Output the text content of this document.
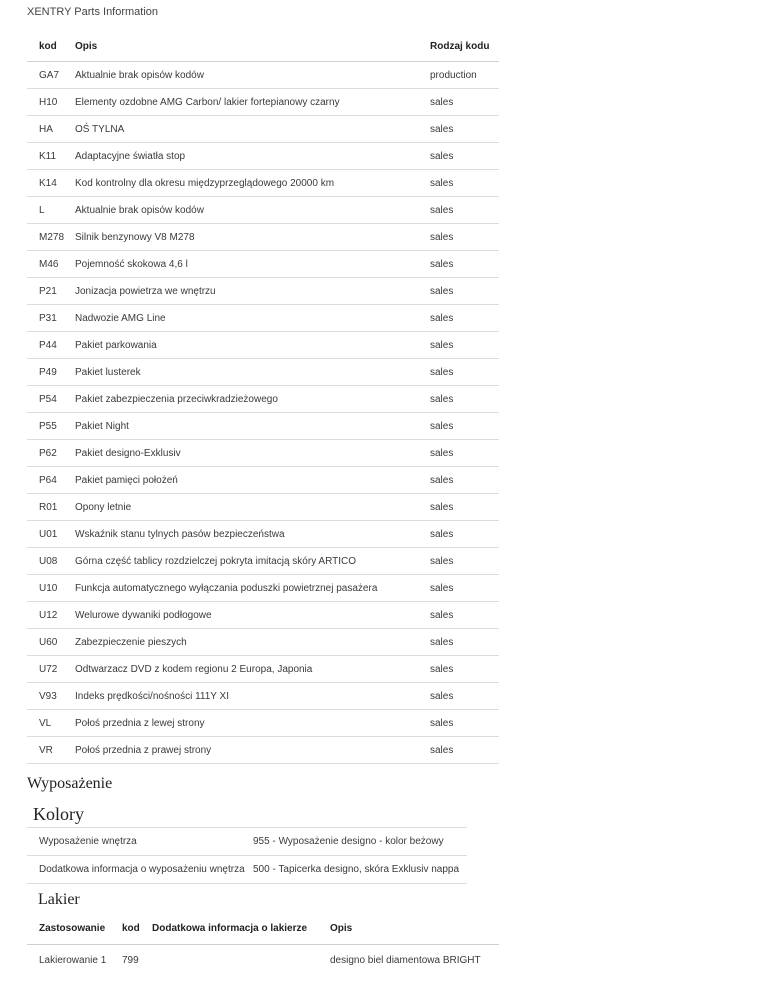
XENTRY Parts Information
kod	Opis	Rodzaj kodu
GA7	Aktualnie brak opisów kodów	production
H10	Elementy ozdobne AMG Carbon/ lakier fortepianowy czarny	sales
HA	OŚ TYLNA	sales
K11	Adaptacyjne światła stop	sales
K14	Kod kontrolny dla okresu międzyprzeglądowego 20000 km	sales
L	Aktualnie brak opisów kodów	sales
M278	Silnik benzynowy V8 M278	sales
M46	Pojemność skokowa 4,6 l	sales
P21	Jonizacja powietrza we wnętrzu	sales
P31	Nadwozie AMG Line	sales
P44	Pakiet parkowania	sales
P49	Pakiet lusterek	sales
P54	Pakiet zabezpieczenia przeciwkradzieżowego	sales
P55	Pakiet Night	sales
P62	Pakiet designo-Exklusiv	sales
P64	Pakiet pamięci położeń	sales
R01	Opony letnie	sales
U01	Wskaźnik stanu tylnych pasów bezpieczeństwa	sales
U08	Górna część tablicy rozdzielczej pokryta imitacją skóry ARTICO	sales
U10	Funkcja automatycznego wyłączania poduszki powietrznej pasażera	sales
U12	Welurowe dywaniki podłogowe	sales
U60	Zabezpieczenie pieszych	sales
U72	Odtwarzacz DVD z kodem regionu 2 Europa, Japonia	sales
V93	Indeks prędkości/nośności 111Y XI	sales
VL	Połoś przednia z lewej strony	sales
VR	Połoś przednia z prawej strony	sales
Wyposażenie
Kolory
Wyposażenie wnętrza	955 - Wyposażenie designo - kolor beżowy
Dodatkowa informacja o wyposażeniu wnętrza	500 - Tapicerka designo, skóra Exklusiv nappa
Lakier
Zastosowanie	kod	Dodatkowa informacja o lakierze	Opis
Lakierowanie 1	799		designo biel diamentowa BRIGHT
